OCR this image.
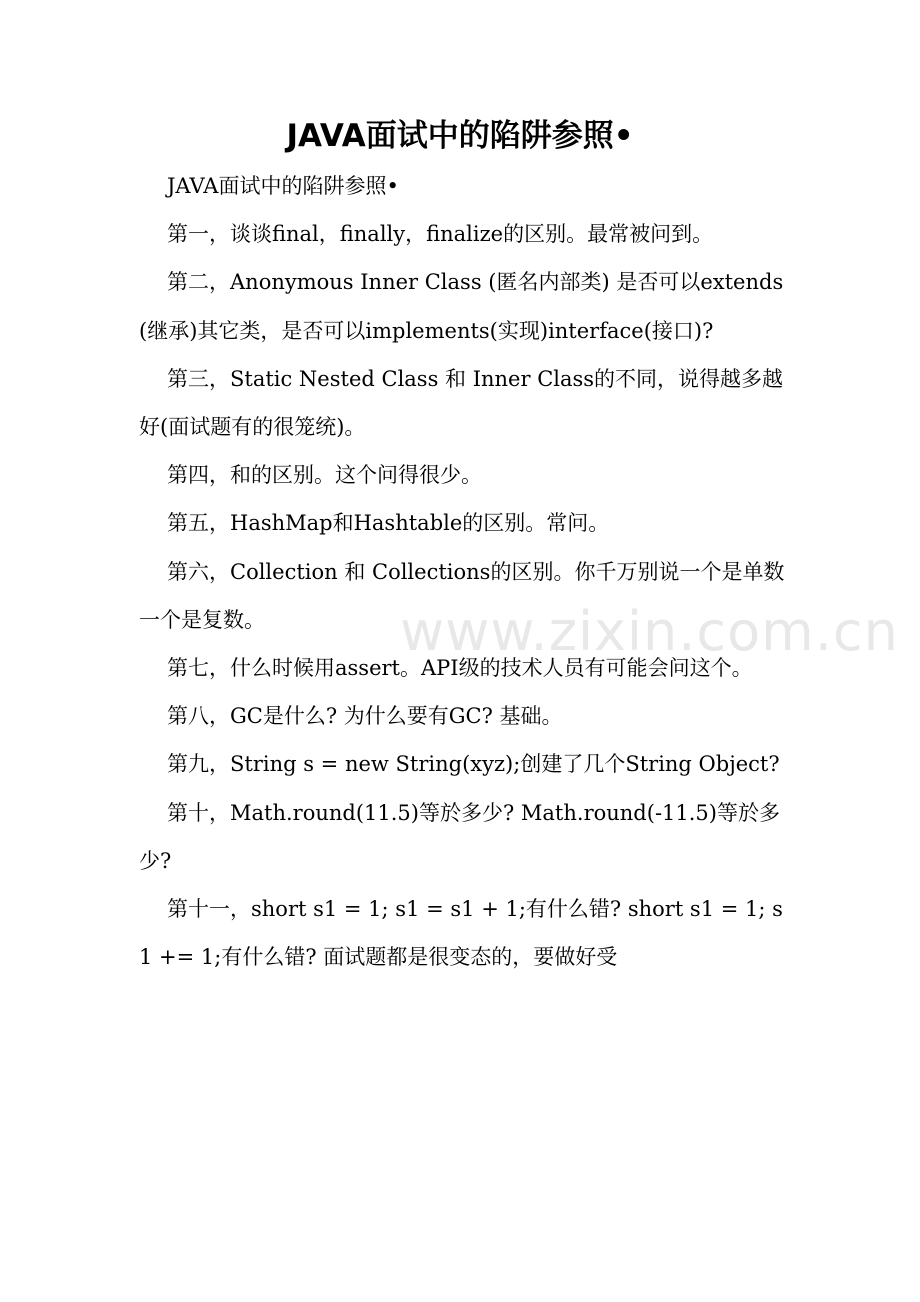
JAVA面试中的陷阱参照•

JAVA面试中的陷阱参照•

第一，谈谈final，finally，finalize的区别。最常被问到。

第二，Anonymous Inner Class (匿名内部类) 是否可以extends(继承)其它类，是否可以implements(实现)interface(接口)?

第三，Static Nested Class 和 Inner Class的不同，说得越多越好(面试题有的很笼统)。

第四，和的区别。这个问得很少。

第五，HashMap和Hashtable的区别。常问。

第六，Collection 和 Collections的区别。你千万别说一个是单数一个是复数。

第七，什么时候用assert。API级的技术人员有可能会问这个。

第八，GC是什么? 为什么要有GC? 基础。

第九，String s = new String(xyz);创建了几个String Object?

第十，Math.round(11.5)等於多少? Math.round(-11.5)等於多少?

第十一，short s1 = 1; s1 = s1 + 1;有什么错? short s1 = 1; s1 += 1;有什么错? 面试题都是很变态的，要做好受

www.zixin.com.cn
